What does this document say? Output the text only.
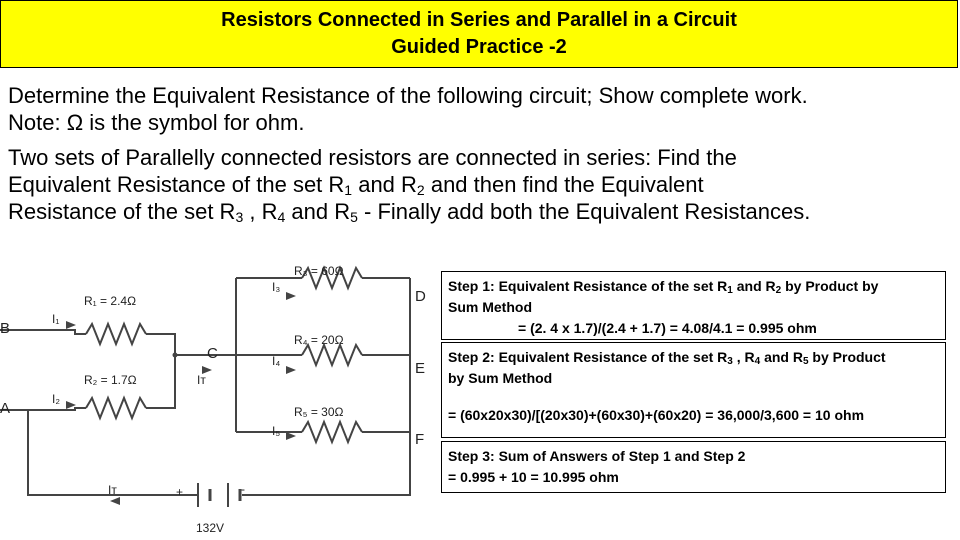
Resistors Connected in Series and Parallel in a Circuit
Guided Practice -2

Determine the Equivalent Resistance of the following circuit; Show complete work.

Note: Ω is the symbol for ohm.

Two sets of Parallelly connected resistors are connected in series: Find the

Equivalent Resistance of the set $R_1$ and $R_2$ and then find the Equivalent

Resistance of the set $R_3$ , $R_4$ and $R_5$ - Finally add both the Equivalent Resistances.

Step 1: Equivalent Resistance of the set $R_1$ and $R_2$ by Product by
Sum Method
= (2. 4 x 1.7)/(2.4 + 1.7) = 4.08/4.1 = 0.995 ohm
Step 2: Equivalent Resistance of the set $R_3$ , $R_4$ and $R_5$ by Product
by Sum Method
= (60x20x30)/[(20x30)+(60x30)+(60x20) = 36,000/3,600 = 10 ohm
Step 3: Sum of Answers of Step 1 and Step 2
= 0.995 + 10 = 10.995 ohm
R₁ = 2.4Ω
R₂ = 1.7Ω
R₃ = 60Ω
R₄ = 20Ω
R₅ = 30Ω
I₁
I₂
I₃
I₄
I₅
Iᴛ
Iᴛ	+	-
132V
B
A
C
D
E
F
